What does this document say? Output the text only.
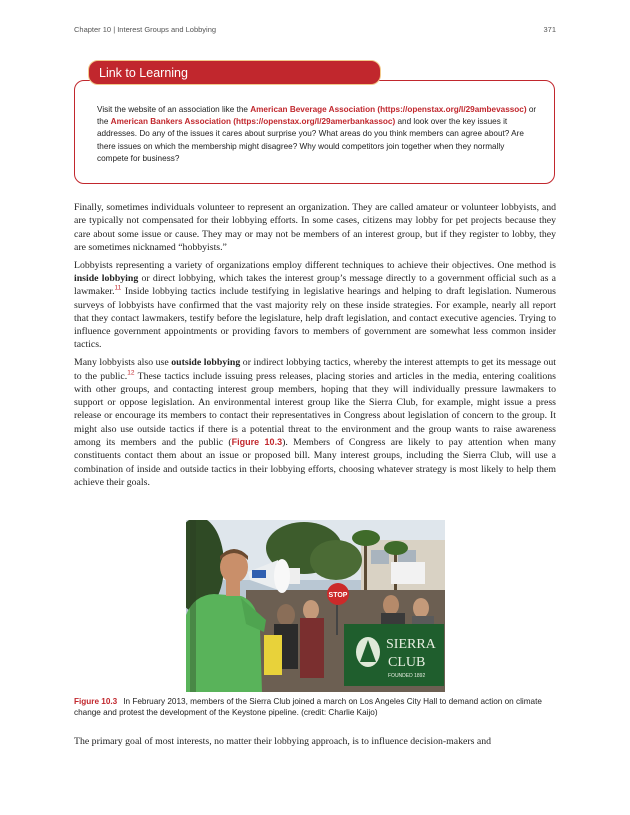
Chapter 10 | Interest Groups and Lobbying	371
Link to Learning
Visit the website of an association like the American Beverage Association (https://openstax.org/l/29ambevassoc) or the American Bankers Association (https://openstax.org/l/29amerbankassoc) and look over the key issues it addresses. Do any of the issues it cares about surprise you? What areas do you think members can agree about? Are there issues on which the membership might disagree? Why would competitors join together when they normally compete for business?

Finally, sometimes individuals volunteer to represent an organization. They are called amateur or volunteer lobbyists, and are typically not compensated for their lobbying efforts. In some cases, citizens may lobby for pet projects because they care about some issue or cause. They may or may not be members of an interest group, but if they register to lobby, they are sometimes nicknamed “hobbyists.”

Lobbyists representing a variety of organizations employ different techniques to achieve their objectives. One method is inside lobbying or direct lobbying, which takes the interest group’s message directly to a government official such as a lawmaker.$^{11}$ Inside lobbying tactics include testifying in legislative hearings and helping to draft legislation. Numerous surveys of lobbyists have confirmed that the vast majority rely on these inside strategies. For example, nearly all report that they contact lawmakers, testify before the legislature, help draft legislation, and contact executive agencies. Trying to influence government appointments or providing favors to members of government are somewhat less common insider tactics.

Many lobbyists also use outside lobbying or indirect lobbying tactics, whereby the interest attempts to get its message out to the public.$^{12}$ These tactics include issuing press releases, placing stories and articles in the media, entering coalitions with other groups, and contacting interest group members, hoping that they will individually pressure lawmakers to support or oppose legislation. An environmental interest group like the Sierra Club, for example, might issue a press release or encourage its members to contact their representatives in Congress about legislation of concern to the group. It might also use outside tactics if there is a potential threat to the environment and the group wants to raise awareness among its members and the public (Figure 10.3). Members of Congress are likely to pay attention when many constituents contact them about an issue or proposed bill. Many interest groups, including the Sierra Club, will use a combination of inside and outside tactics in their lobbying efforts, choosing whatever strategy is most likely to help them achieve their goals.

STOP
SIERRA
CLUB
FOUNDED 1892
Figure 10.3 In February 2013, members of the Sierra Club joined a march on Los Angeles City Hall to demand action on climate change and protest the development of the Keystone pipeline. (credit: Charlie Kaijo)
The primary goal of most interests, no matter their lobbying approach, is to influence decision-makers and
